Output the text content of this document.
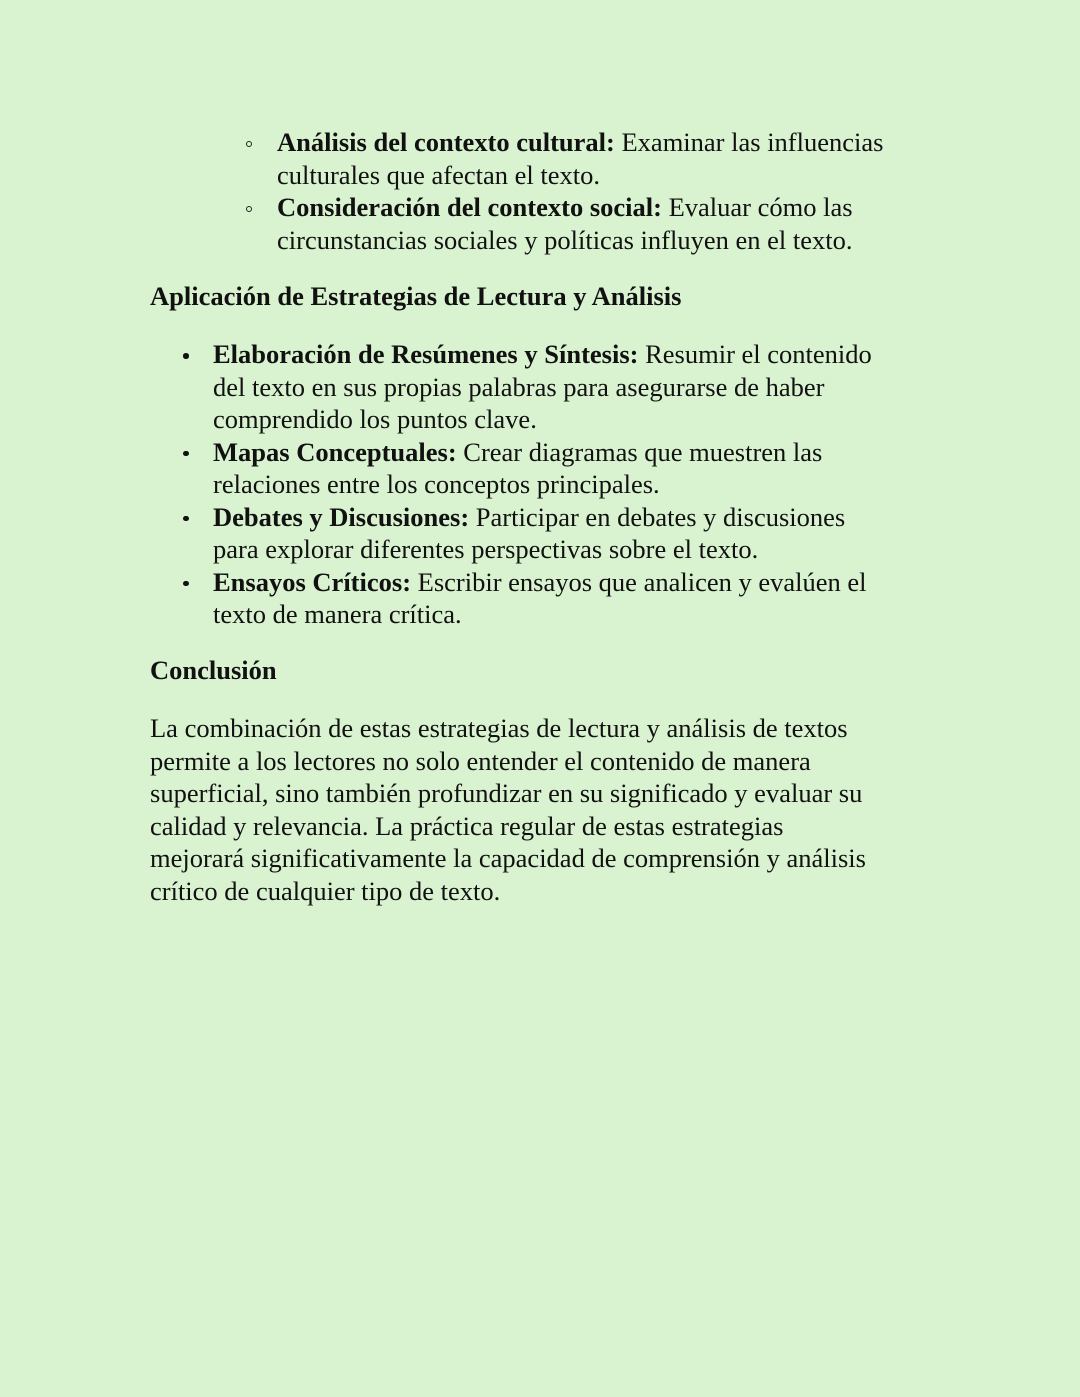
Análisis del contexto cultural: Examinar las influencias
culturales que afectan el texto.
Consideración del contexto social: Evaluar cómo las
circunstancias sociales y políticas influyen en el texto.
Aplicación de Estrategias de Lectura y Análisis
Elaboración de Resúmenes y Síntesis: Resumir el contenido
del texto en sus propias palabras para asegurarse de haber
comprendido los puntos clave.
Mapas Conceptuales: Crear diagramas que muestren las
relaciones entre los conceptos principales.
Debates y Discusiones: Participar en debates y discusiones
para explorar diferentes perspectivas sobre el texto.
Ensayos Críticos: Escribir ensayos que analicen y evalúen el
texto de manera crítica.
Conclusión

La combinación de estas estrategias de lectura y análisis de textos
permite a los lectores no solo entender el contenido de manera
superficial, sino también profundizar en su significado y evaluar su
calidad y relevancia. La práctica regular de estas estrategias
mejorará significativamente la capacidad de comprensión y análisis
crítico de cualquier tipo de texto.
